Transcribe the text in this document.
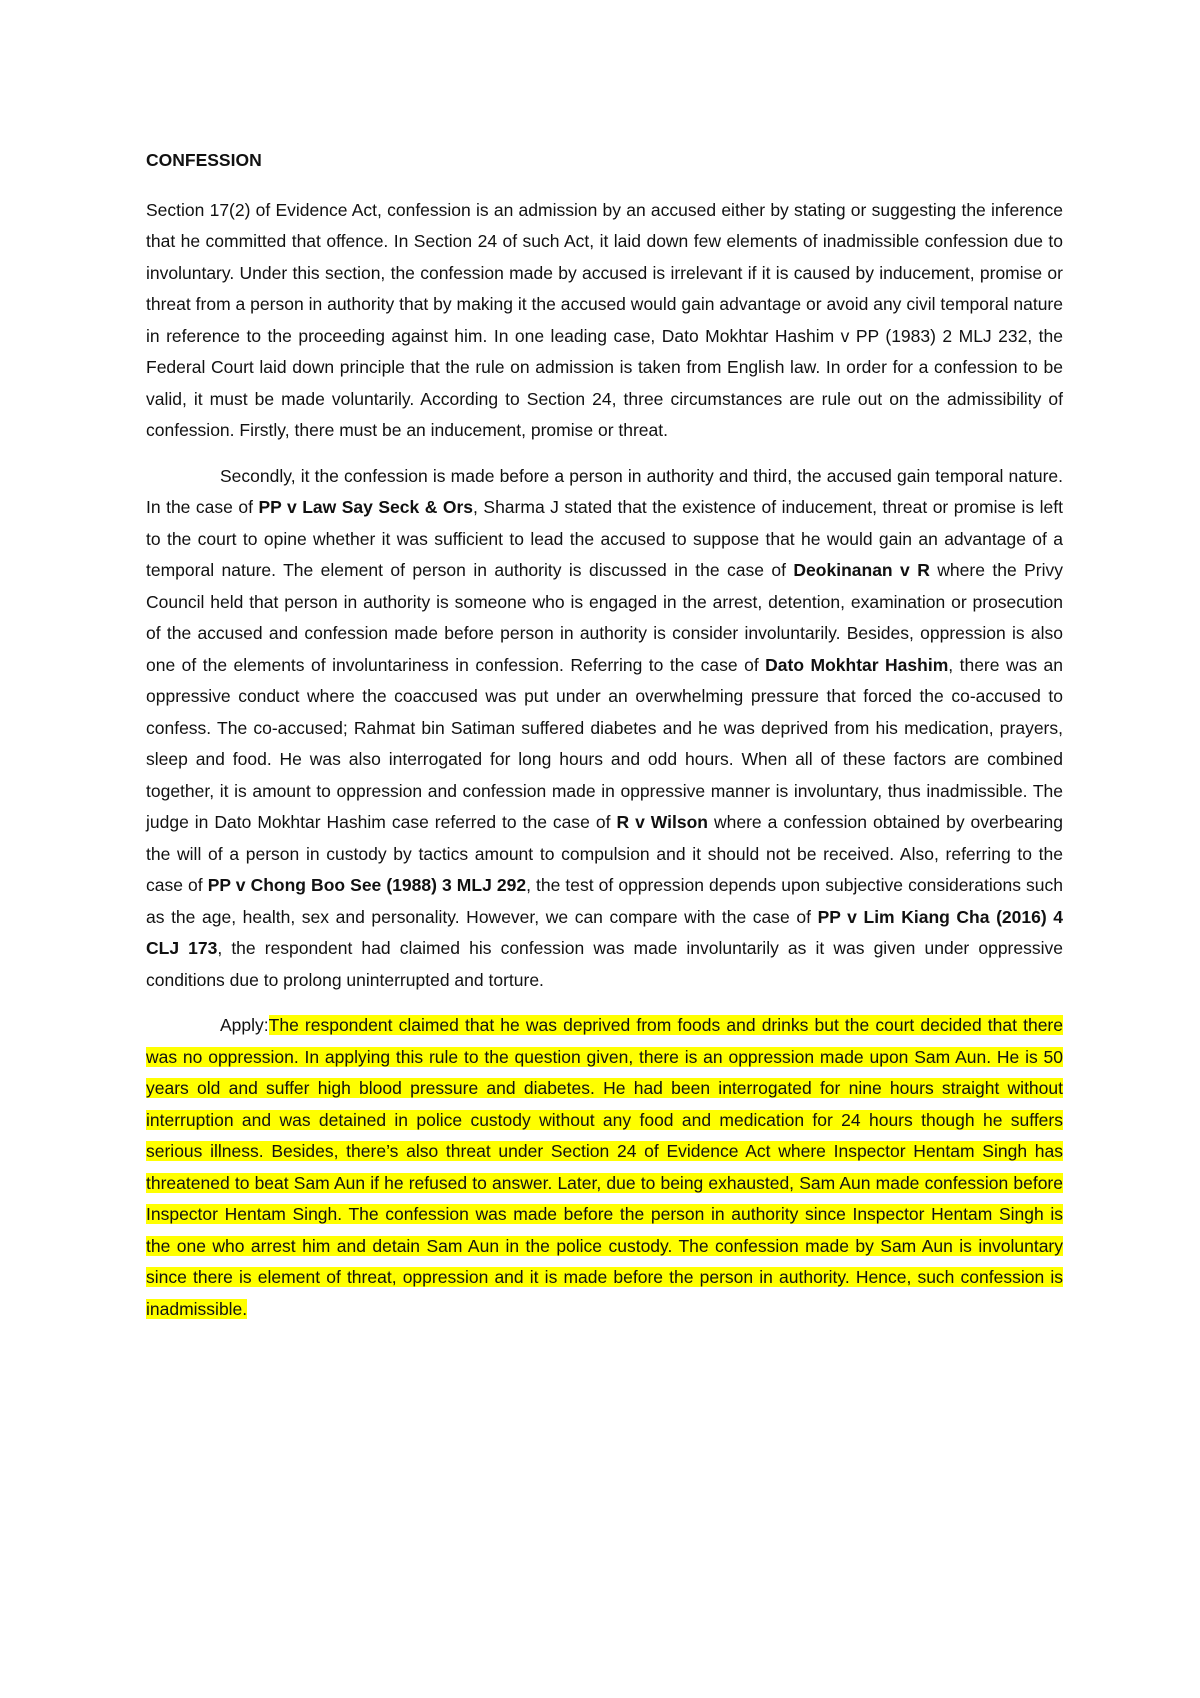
CONFESSION

Section 17(2) of Evidence Act, confession is an admission by an accused either by stating or suggesting the inference that he committed that offence. In Section 24 of such Act, it laid down few elements of inadmissible confession due to involuntary. Under this section, the confession made by accused is irrelevant if it is caused by inducement, promise or threat from a person in authority that by making it the accused would gain advantage or avoid any civil temporal nature in reference to the proceeding against him. In one leading case, Dato Mokhtar Hashim v PP (1983) 2 MLJ 232, the Federal Court laid down principle that the rule on admission is taken from English law. In order for a confession to be valid, it must be made voluntarily. According to Section 24, three circumstances are rule out on the admissibility of confession. Firstly, there must be an inducement, promise or threat.

Secondly, it the confession is made before a person in authority and third, the accused gain temporal nature. In the case of PP v Law Say Seck & Ors, Sharma J stated that the existence of inducement, threat or promise is left to the court to opine whether it was sufficient to lead the accused to suppose that he would gain an advantage of a temporal nature. The element of person in authority is discussed in the case of Deokinanan v R where the Privy Council held that person in authority is someone who is engaged in the arrest, detention, examination or prosecution of the accused and confession made before person in authority is consider involuntarily. Besides, oppression is also one of the elements of involuntariness in confession. Referring to the case of Dato Mokhtar Hashim, there was an oppressive conduct where the coaccused was put under an overwhelming pressure that forced the co-accused to confess. The co-accused; Rahmat bin Satiman suffered diabetes and he was deprived from his medication, prayers, sleep and food. He was also interrogated for long hours and odd hours. When all of these factors are combined together, it is amount to oppression and confession made in oppressive manner is involuntary, thus inadmissible. The judge in Dato Mokhtar Hashim case referred to the case of R v Wilson where a confession obtained by overbearing the will of a person in custody by tactics amount to compulsion and it should not be received. Also, referring to the case of PP v Chong Boo See (1988) 3 MLJ 292, the test of oppression depends upon subjective considerations such as the age, health, sex and personality. However, we can compare with the case of PP v Lim Kiang Cha (2016) 4 CLJ 173, the respondent had claimed his confession was made involuntarily as it was given under oppressive conditions due to prolong uninterrupted and torture.

Apply:The respondent claimed that he was deprived from foods and drinks but the court decided that there was no oppression. In applying this rule to the question given, there is an oppression made upon Sam Aun. He is 50 years old and suffer high blood pressure and diabetes. He had been interrogated for nine hours straight without interruption and was detained in police custody without any food and medication for 24 hours though he suffers serious illness. Besides, there’s also threat under Section 24 of Evidence Act where Inspector Hentam Singh has threatened to beat Sam Aun if he refused to answer. Later, due to being exhausted, Sam Aun made confession before Inspector Hentam Singh. The confession was made before the person in authority since Inspector Hentam Singh is the one who arrest him and detain Sam Aun in the police custody. The confession made by Sam Aun is involuntary since there is element of threat, oppression and it is made before the person in authority. Hence, such confession is inadmissible.
